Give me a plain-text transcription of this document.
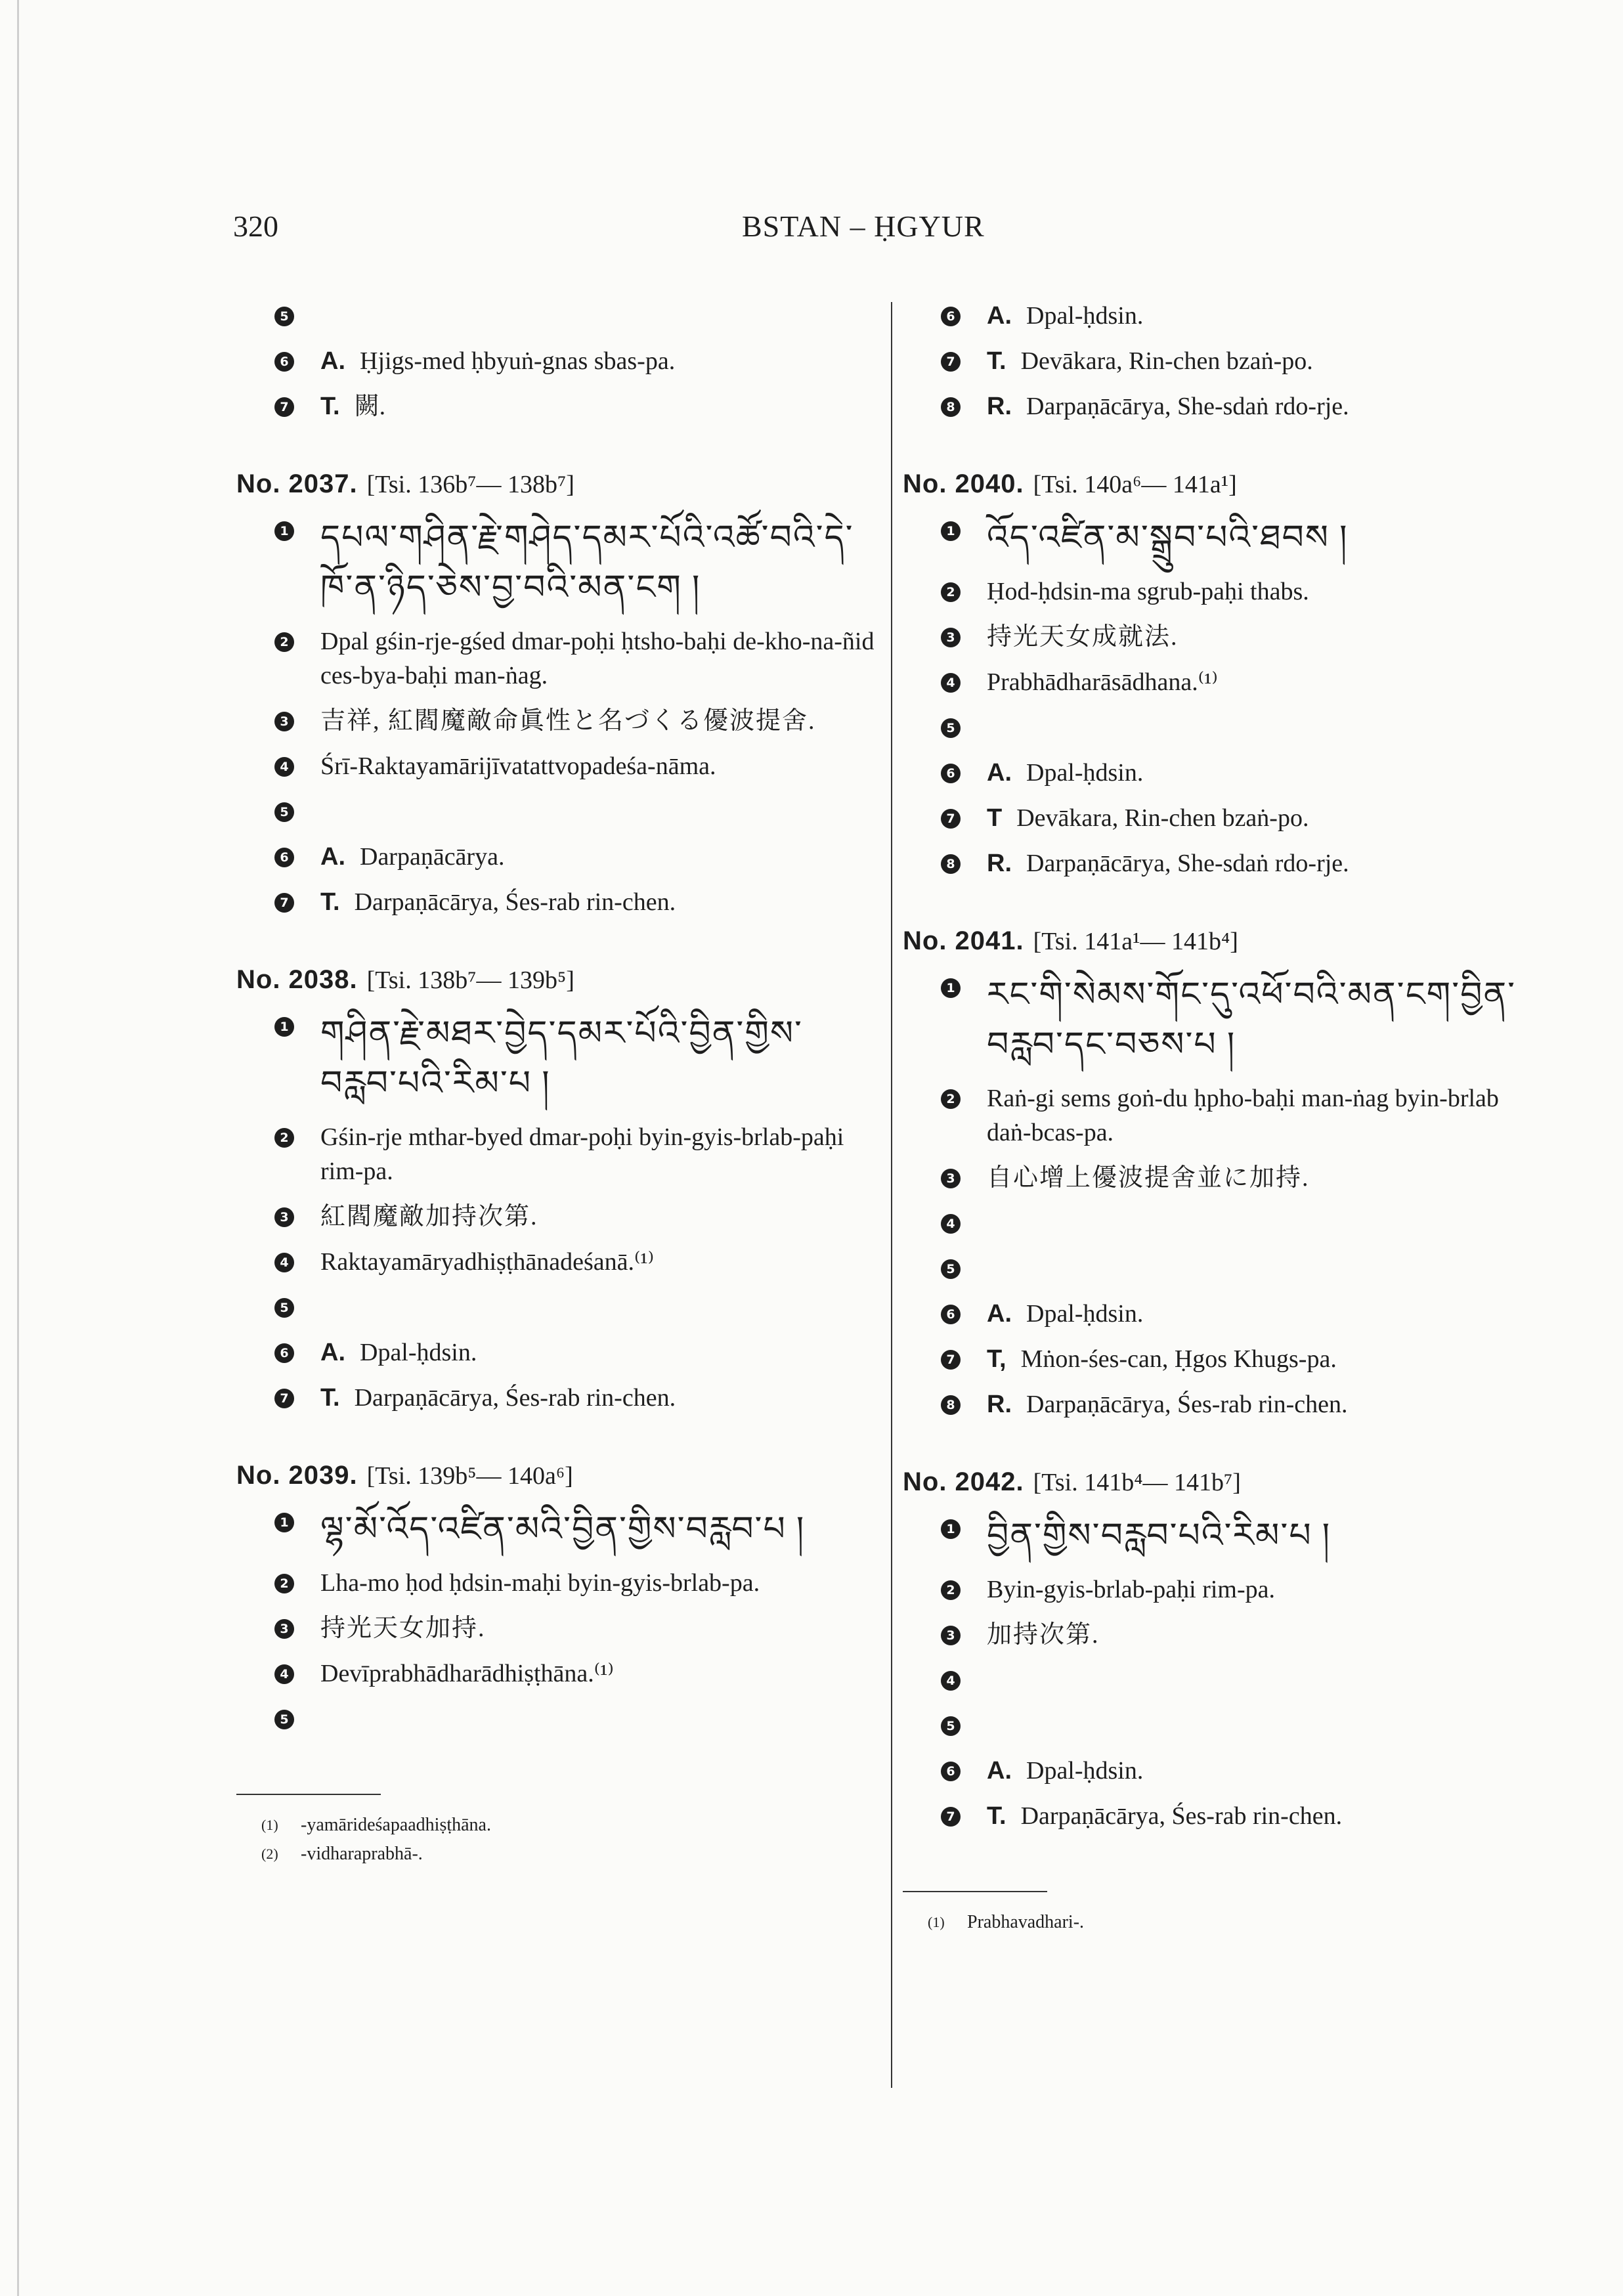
320	BSTAN – ḤGYUR
5
6 A. Ḥjigs-med ḥbyuṅ-gnas sbas-pa.
7 T. 闕.
No. 2037. [Tsi. 136b⁷— 138b⁷]
1 དཔལ་གཤིན་རྗེ་གཤེད་དམར་པོའི་འཚོ་བའི་དེ་ཁོ་ན་ཉིད་ཅེས་བྱ་བའི་མན་ངག །
2 Dpal gśin-rje-gśed dmar-poḥi ḥtsho-baḥi de-kho-na-ñid ces-bya-baḥi man-ṅag.
3 吉祥, 紅閻魔敵命眞性と名づくる優波提舍.
4 Śrī-Raktayamārijīvatattvopadeśa-nāma.
5
6 A. Darpaṇācārya.
7 T. Darpaṇācārya, Śes-rab rin-chen.
No. 2038. [Tsi. 138b⁷— 139b⁵]
1 གཤིན་རྗེ་མཐར་བྱེད་དམར་པོའི་བྱིན་གྱིས་བརླབ་པའི་རིམ་པ །
2 Gśin-rje mthar-byed dmar-poḥi byin-gyis-brlab-paḥi rim-pa.
3 紅閻魔敵加持次第.
4 Raktayamāryadhiṣṭhānadeśanā.⁽¹⁾
5
6 A. Dpal-ḥdsin.
7 T. Darpaṇācārya, Śes-rab rin-chen.
No. 2039. [Tsi. 139b⁵— 140a⁶]
1 ལྷ་མོ་འོད་འཛིན་མའི་བྱིན་གྱིས་བརླབ་པ །
2 Lha-mo ḥod ḥdsin-maḥi byin-gyis-brlab-pa.
3 持光天女加持.
4 Devīprabhādharādhiṣṭhāna.⁽¹⁾
5
(1)	-yamārideśapaadhiṣṭhāna.
(2)	-vidharaprabhā-.
6 A. Dpal-ḥdsin.
7 T. Devākara, Rin-chen bzaṅ-po.
8 R. Darpaṇācārya, She-sdaṅ rdo-rje.
No. 2040. [Tsi. 140a⁶— 141a¹]
1 འོད་འཛིན་མ་སྒྲུབ་པའི་ཐབས །
2 Ḥod-ḥdsin-ma sgrub-paḥi thabs.
3 持光天女成就法.
4 Prabhādharāsādhana.⁽¹⁾
5
6 A. Dpal-ḥdsin.
7 T Devākara, Rin-chen bzaṅ-po.
8 R. Darpaṇācārya, She-sdaṅ rdo-rje.
No. 2041. [Tsi. 141a¹— 141b⁴]
1 རང་གི་སེམས་གོང་དུ་འཕོ་བའི་མན་ངག་བྱིན་བརླབ་དང་བཅས་པ །
2 Raṅ-gi sems goṅ-du ḥpho-baḥi man-ṅag byin-brlab daṅ-bcas-pa.
3 自心增上優波提舍並に加持.
4
5
6 A. Dpal-ḥdsin.
7 T, Mṅon-śes-can, Ḥgos Khugs-pa.
8 R. Darpaṇācārya, Śes-rab rin-chen.
No. 2042. [Tsi. 141b⁴— 141b⁷]
1 བྱིན་གྱིས་བརླབ་པའི་རིམ་པ །
2 Byin-gyis-brlab-paḥi rim-pa.
3 加持次第.
4
5
6 A. Dpal-ḥdsin.
7 T. Darpaṇācārya, Śes-rab rin-chen.
(1)	Prabhavadhari-.
